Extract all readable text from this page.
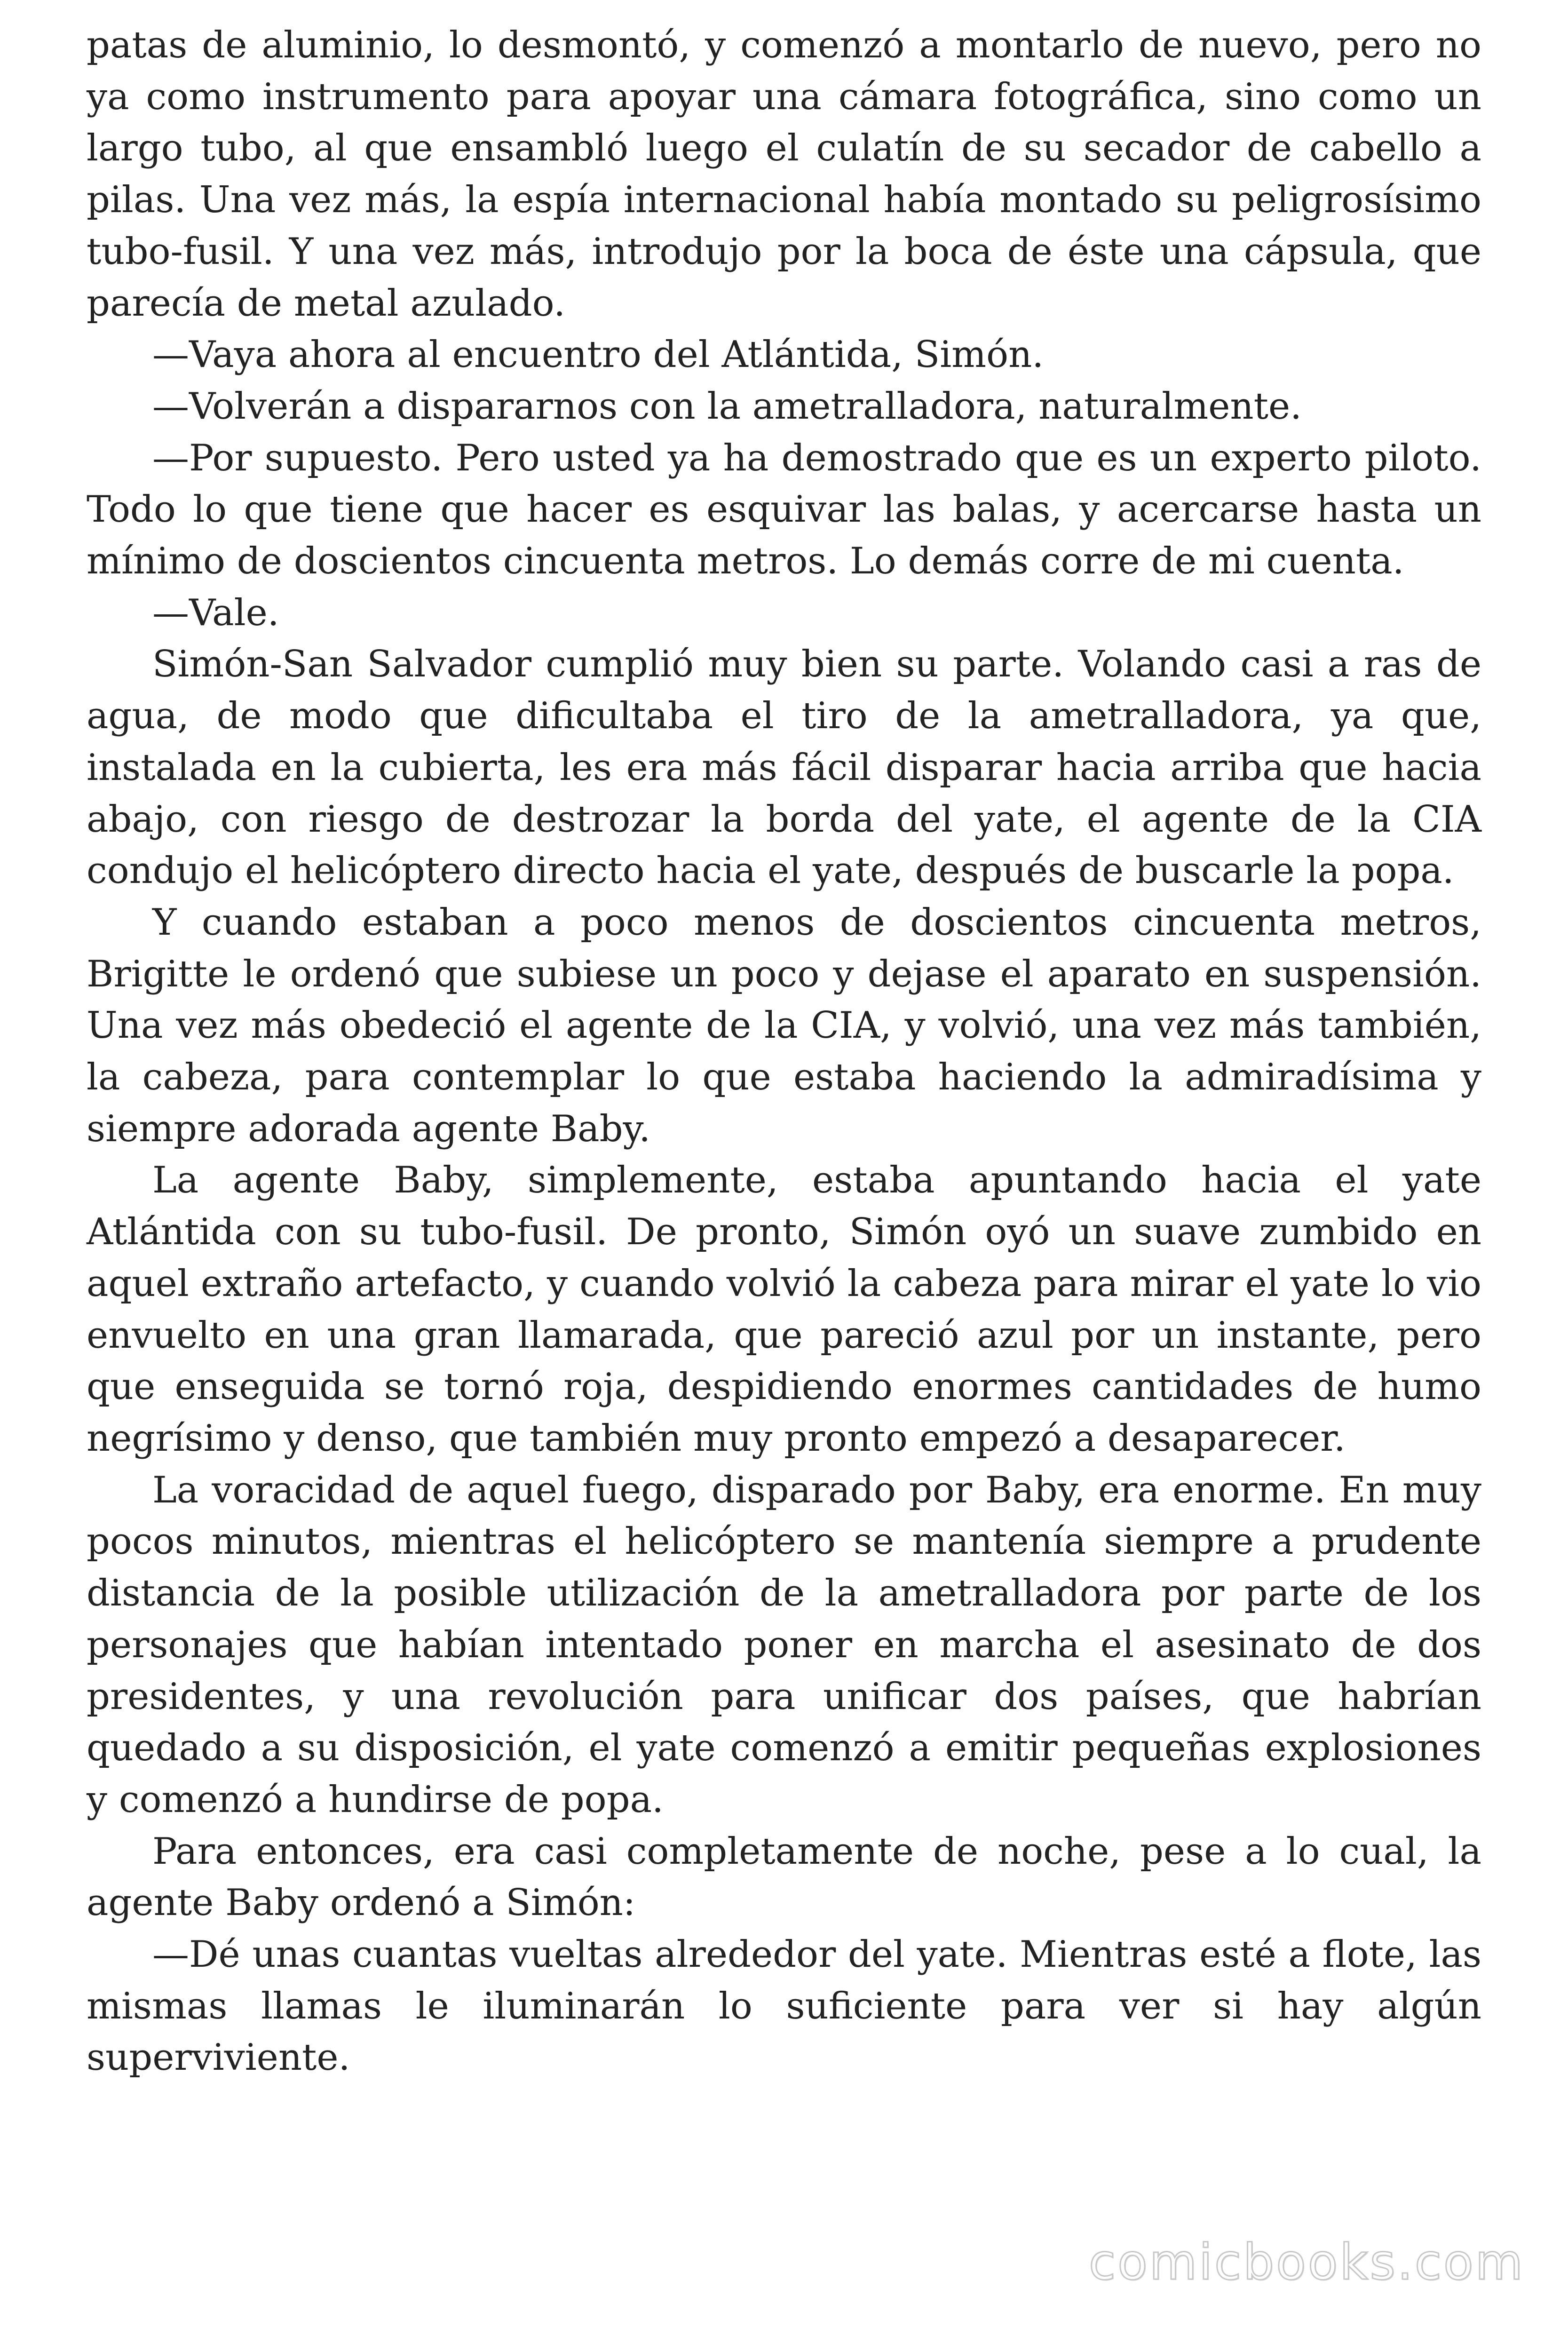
patas de aluminio, lo desmontó, y comenzó a montarlo de nuevo, pero no ya como instrumento para apoyar una cámara fotográfica, sino como un largo tubo, al que ensambló luego el culatín de su secador de cabello a pilas. Una vez más, la espía internacional había montado su peligrosísimo tubo-fusil. Y una vez más, introdujo por la boca de éste una cápsula, que parecía de metal azulado.

—Vaya ahora al encuentro del Atlántida, Simón.

—Volverán a dispararnos con la ametralladora, naturalmente.

—Por supuesto. Pero usted ya ha demostrado que es un experto piloto. Todo lo que tiene que hacer es esquivar las balas, y acercarse hasta un mínimo de doscientos cincuenta metros. Lo demás corre de mi cuenta.

—Vale.

Simón-San Salvador cumplió muy bien su parte. Volando casi a ras de agua, de modo que dificultaba el tiro de la ametralladora, ya que, instalada en la cubierta, les era más fácil disparar hacia arriba que hacia abajo, con riesgo de destrozar la borda del yate, el agente de la CIA condujo el helicóptero directo hacia el yate, después de buscarle la popa.

Y cuando estaban a poco menos de doscientos cincuenta metros, Brigitte le ordenó que subiese un poco y dejase el aparato en suspensión. Una vez más obedeció el agente de la CIA, y volvió, una vez más también, la cabeza, para contemplar lo que estaba haciendo la admiradísima y siempre adorada agente Baby.

La agente Baby, simplemente, estaba apuntando hacia el yate Atlántida con su tubo-fusil. De pronto, Simón oyó un suave zumbido en aquel extraño artefacto, y cuando volvió la cabeza para mirar el yate lo vio envuelto en una gran llamarada, que pareció azul por un instante, pero que enseguida se tornó roja, despidiendo enormes cantidades de humo negrísimo y denso, que también muy pronto empezó a desaparecer.

La voracidad de aquel fuego, disparado por Baby, era enorme. En muy pocos minutos, mientras el helicóptero se mantenía siempre a prudente distancia de la posible utilización de la ametralladora por parte de los personajes que habían intentado poner en marcha el asesinato de dos presidentes, y una revolución para unificar dos países, que habrían quedado a su disposición, el yate comenzó a emitir pequeñas explosiones y comenzó a hundirse de popa.

Para entonces, era casi completamente de noche, pese a lo cual, la agente Baby ordenó a Simón:

—Dé unas cuantas vueltas alrededor del yate. Mientras esté a flote, las mismas llamas le iluminarán lo suficiente para ver si hay algún superviviente.

comicbooks.com
